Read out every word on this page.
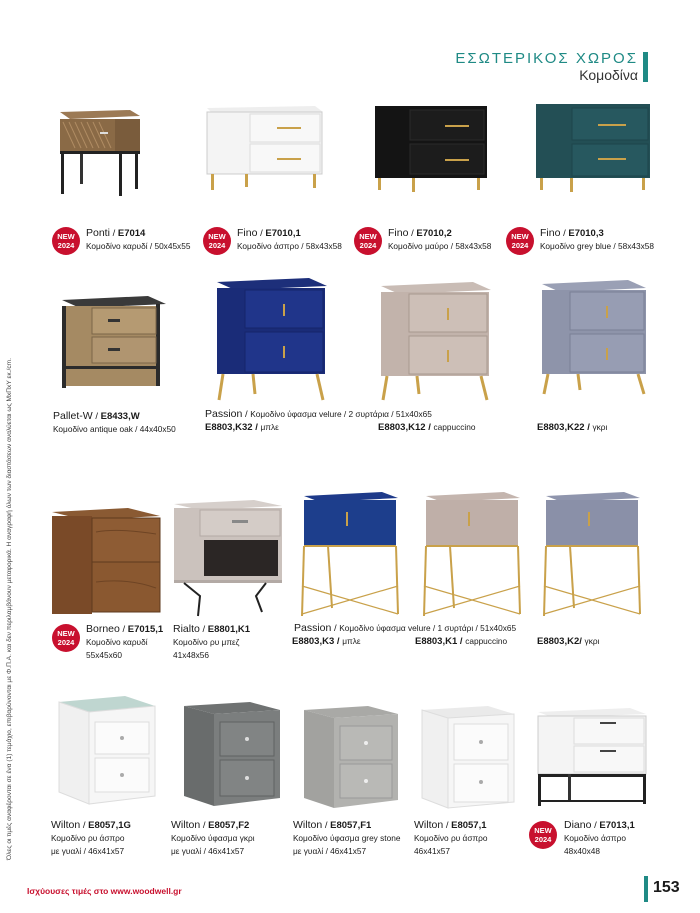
ΕΣΩΤΕΡΙΚΟΣ ΧΩΡΟΣ
Κομοδίνα
Όλες οι τιμές αναφέρονται σε ένα (1) τεμάχιο, επιβαρύνονται με Φ.Π.Α. και δεν περιλαμβάνουν μεταφορικά. Η αναγραφή όλων των διαστάσεων αναλύεται ως ΜxΠxΥ εκ./cm.
NEW
2024
Ponti / E7014
Κομοδίνο καρυδί / 50x45x55
NEW
2024
Fino / E7010,1
Κομοδίνο άσπρο / 58x43x58
NEW
2024
Fino / E7010,2
Κομοδίνο μαύρο / 58x43x58
NEW
2024
Fino / E7010,3
Κομοδίνο grey blue / 58x43x58
Pallet-W / E8433,W
Κομοδίνο antique oak / 44x40x50
Passion / Κομοδίνο ύφασμα velure / 2 συρτάρια / 51x40x65
E8803,K32 / μπλε	E8803,K12 / cappuccino	E8803,K22 / γκρι
NEW
2024
Borneo / E7015,1
Κομοδίνο καρυδί
55x45x60
Rialto / E8801,K1
Κομοδίνο ρυ μπεζ
41x48x56
Passion / Κομοδίνο ύφασμα velure / 1 συρτάρι / 51x40x65
E8803,K3 / μπλε	E8803,K1 / cappuccino	E8803,K2/ γκρι
Wilton / E8057,1G
Κομοδίνο ρυ άσπρο
με γυαλί / 46x41x57
Wilton / E8057,F2
Κομοδίνο ύφασμα γκρι
με γυαλί / 46x41x57
Wilton / E8057,F1
Κομοδίνο ύφασμα grey stone
με γυαλί / 46x41x57
Wilton / E8057,1
Κομοδίνο ρυ άσπρο
46x41x57
NEW
2024
Diano / E7013,1
Κομοδίνο άσπρο
48x40x48
Ισχύουσες τιμές στο www.woodwell.gr	153
